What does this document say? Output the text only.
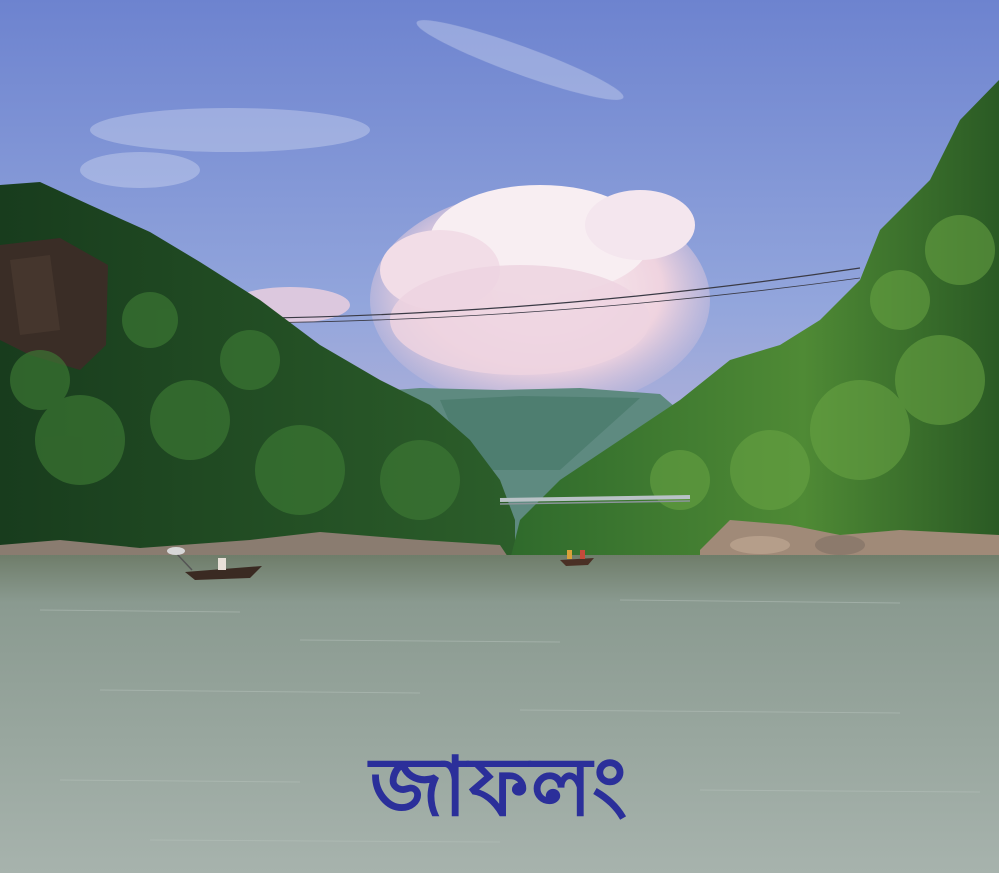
জাফলং
